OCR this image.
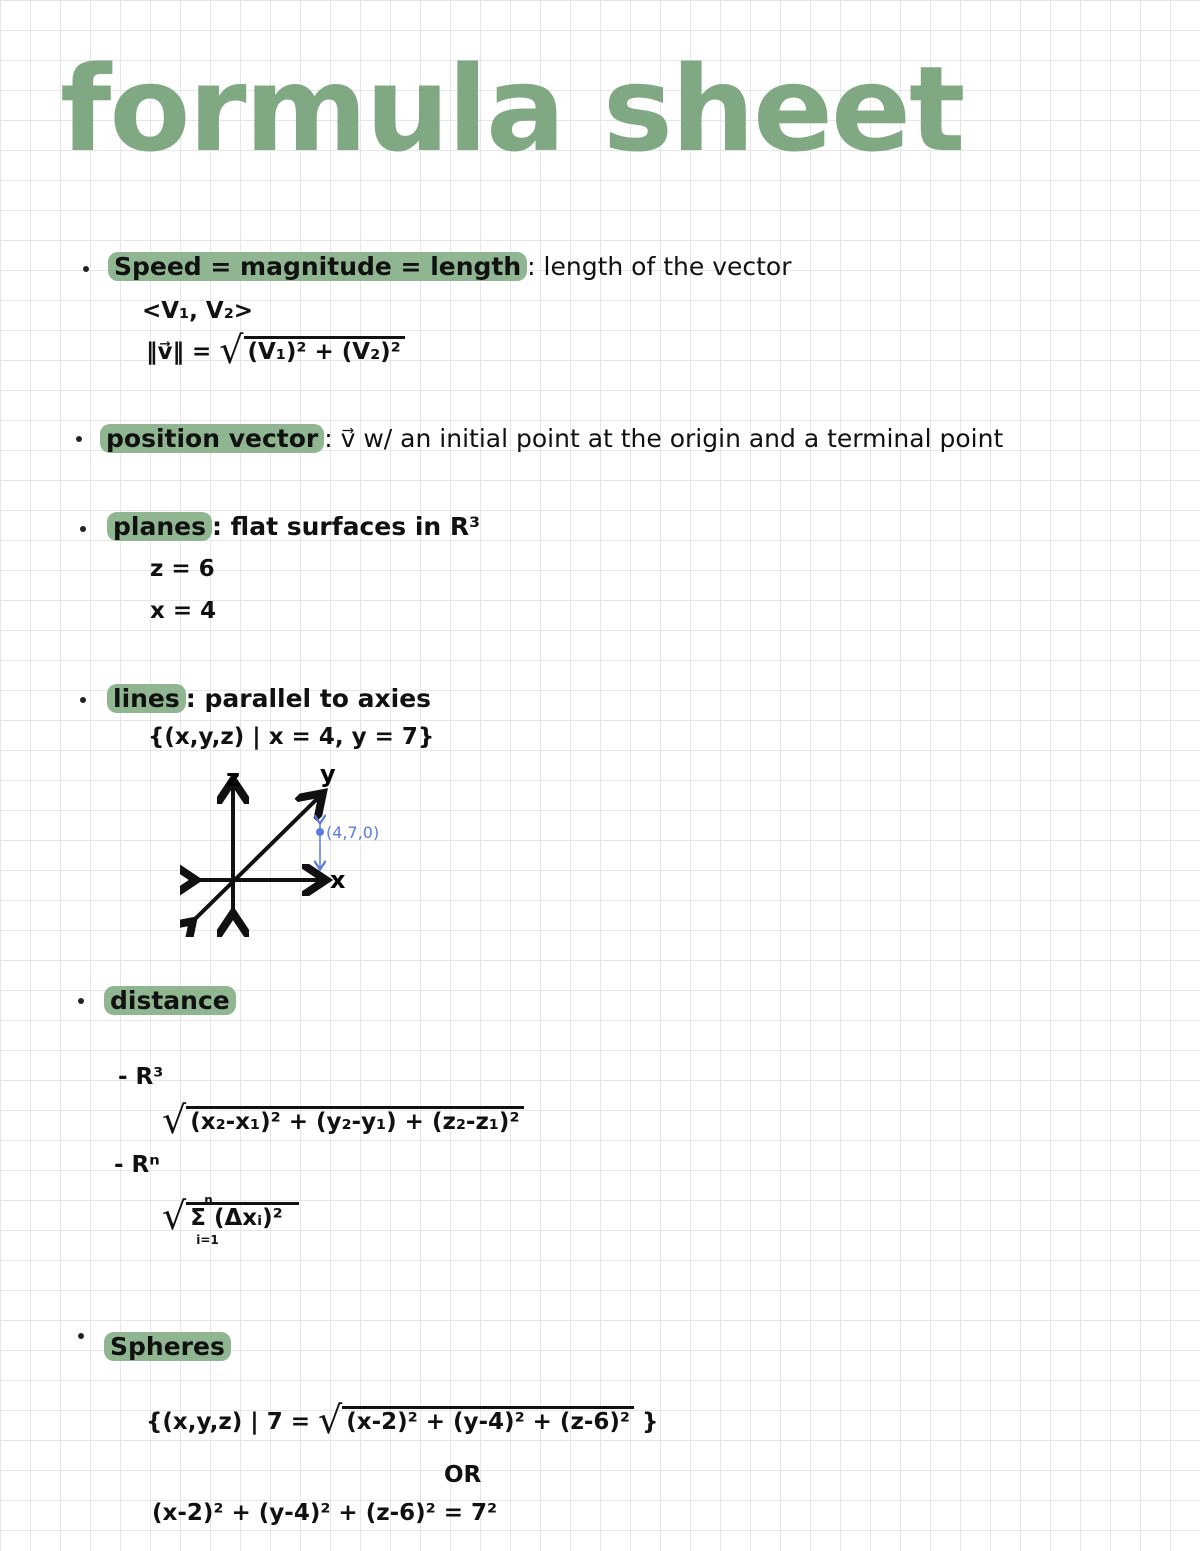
formula sheet
Speed = magnitude = length : length of the vector
<V₁, V₂>
‖v⃗‖ = √ (V₁)² + (V₂)²
position vector : v⃗ w/ an initial point at the origin and a terminal point
planes : flat surfaces in R³
z = 6
x = 4
lines : parallel to axies
{(x,y,z) | x = 4, y = 7}
z	y
x
(4,7,0)
distance
- R³
√ (x₂-x₁)² + (y₂-y₁) + (z₂-z₁)²
- Rⁿ
√ n
Σ (Δxᵢ)²
i=1
Spheres
{(x,y,z) | 7 = √ (x-2)² + (y-4)² + (z-6)² }
OR
(x-2)² + (y-4)² + (z-6)² = 7²
